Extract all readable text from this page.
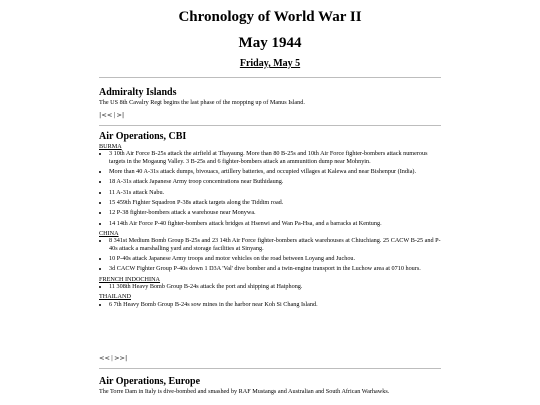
Chronology of World War II
May 1944
Friday, May 5
Admiralty Islands

The US 8th Cavalry Regt begins the last phase of the mopping up of Manus Island.

|<< | >|
Air Operations, CBI

BURMA

• 3 10th Air Force B-25s attack the airfield at Thayaung. More than 80 B-25s and 10th Air Force fighter-bombers attack numerous targets in the Mogaung Valley. 3 B-25s and 6 fighter-bombers attack an ammunition dump near Mohnyin.
• More than 40 A-31s attack dumps, bivouacs, artillery batteries, and occupied villages at Kalewa and near Bishenpur (India).
• 18 A-31s attack Japanese Army troop concentrations near Buthidaung.
• 11 A-31s attack Nabu.
• 15 459th Fighter Squadron P-38s attack targets along the Tiddim road.
• 12 P-38 fighter-bombers attack a warehouse near Monywa.
• 14 14th Air Force P-40 fighter-bombers attack bridges at Hsenwi and Wan Pa-Hsa, and a barracks at Kentung.

CHINA

• 8 341st Medium Bomb Group B-25s and 23 14th Air Force fighter-bombers attack warehouses at Chiuchiang. 25 CACW B-25 and P-40s attack a marshalling yard and storage facilities at Sinyang.
• 10 P-40s attack Japanese Army troops and motor vehicles on the road between Loyang and Juchou.
• 3d CACW Fighter Group P-40s down 1 D3A 'Val' dive bomber and a twin-engine transport in the Luchow area at 0710 hours.

FRENCH INDOCHINA

• 11 308th Heavy Bomb Group B-24s attack the port and shipping at Haiphong.

THAILAND

• 6 7th Heavy Bomb Group B-24s sow mines in the harbor near Koh Si Chang Island.
<< | >>|
Air Operations, Europe

The Torre Dam in Italy is dive-bombed and smashed by RAF Mustangs and Australian and South African Warhawks.
